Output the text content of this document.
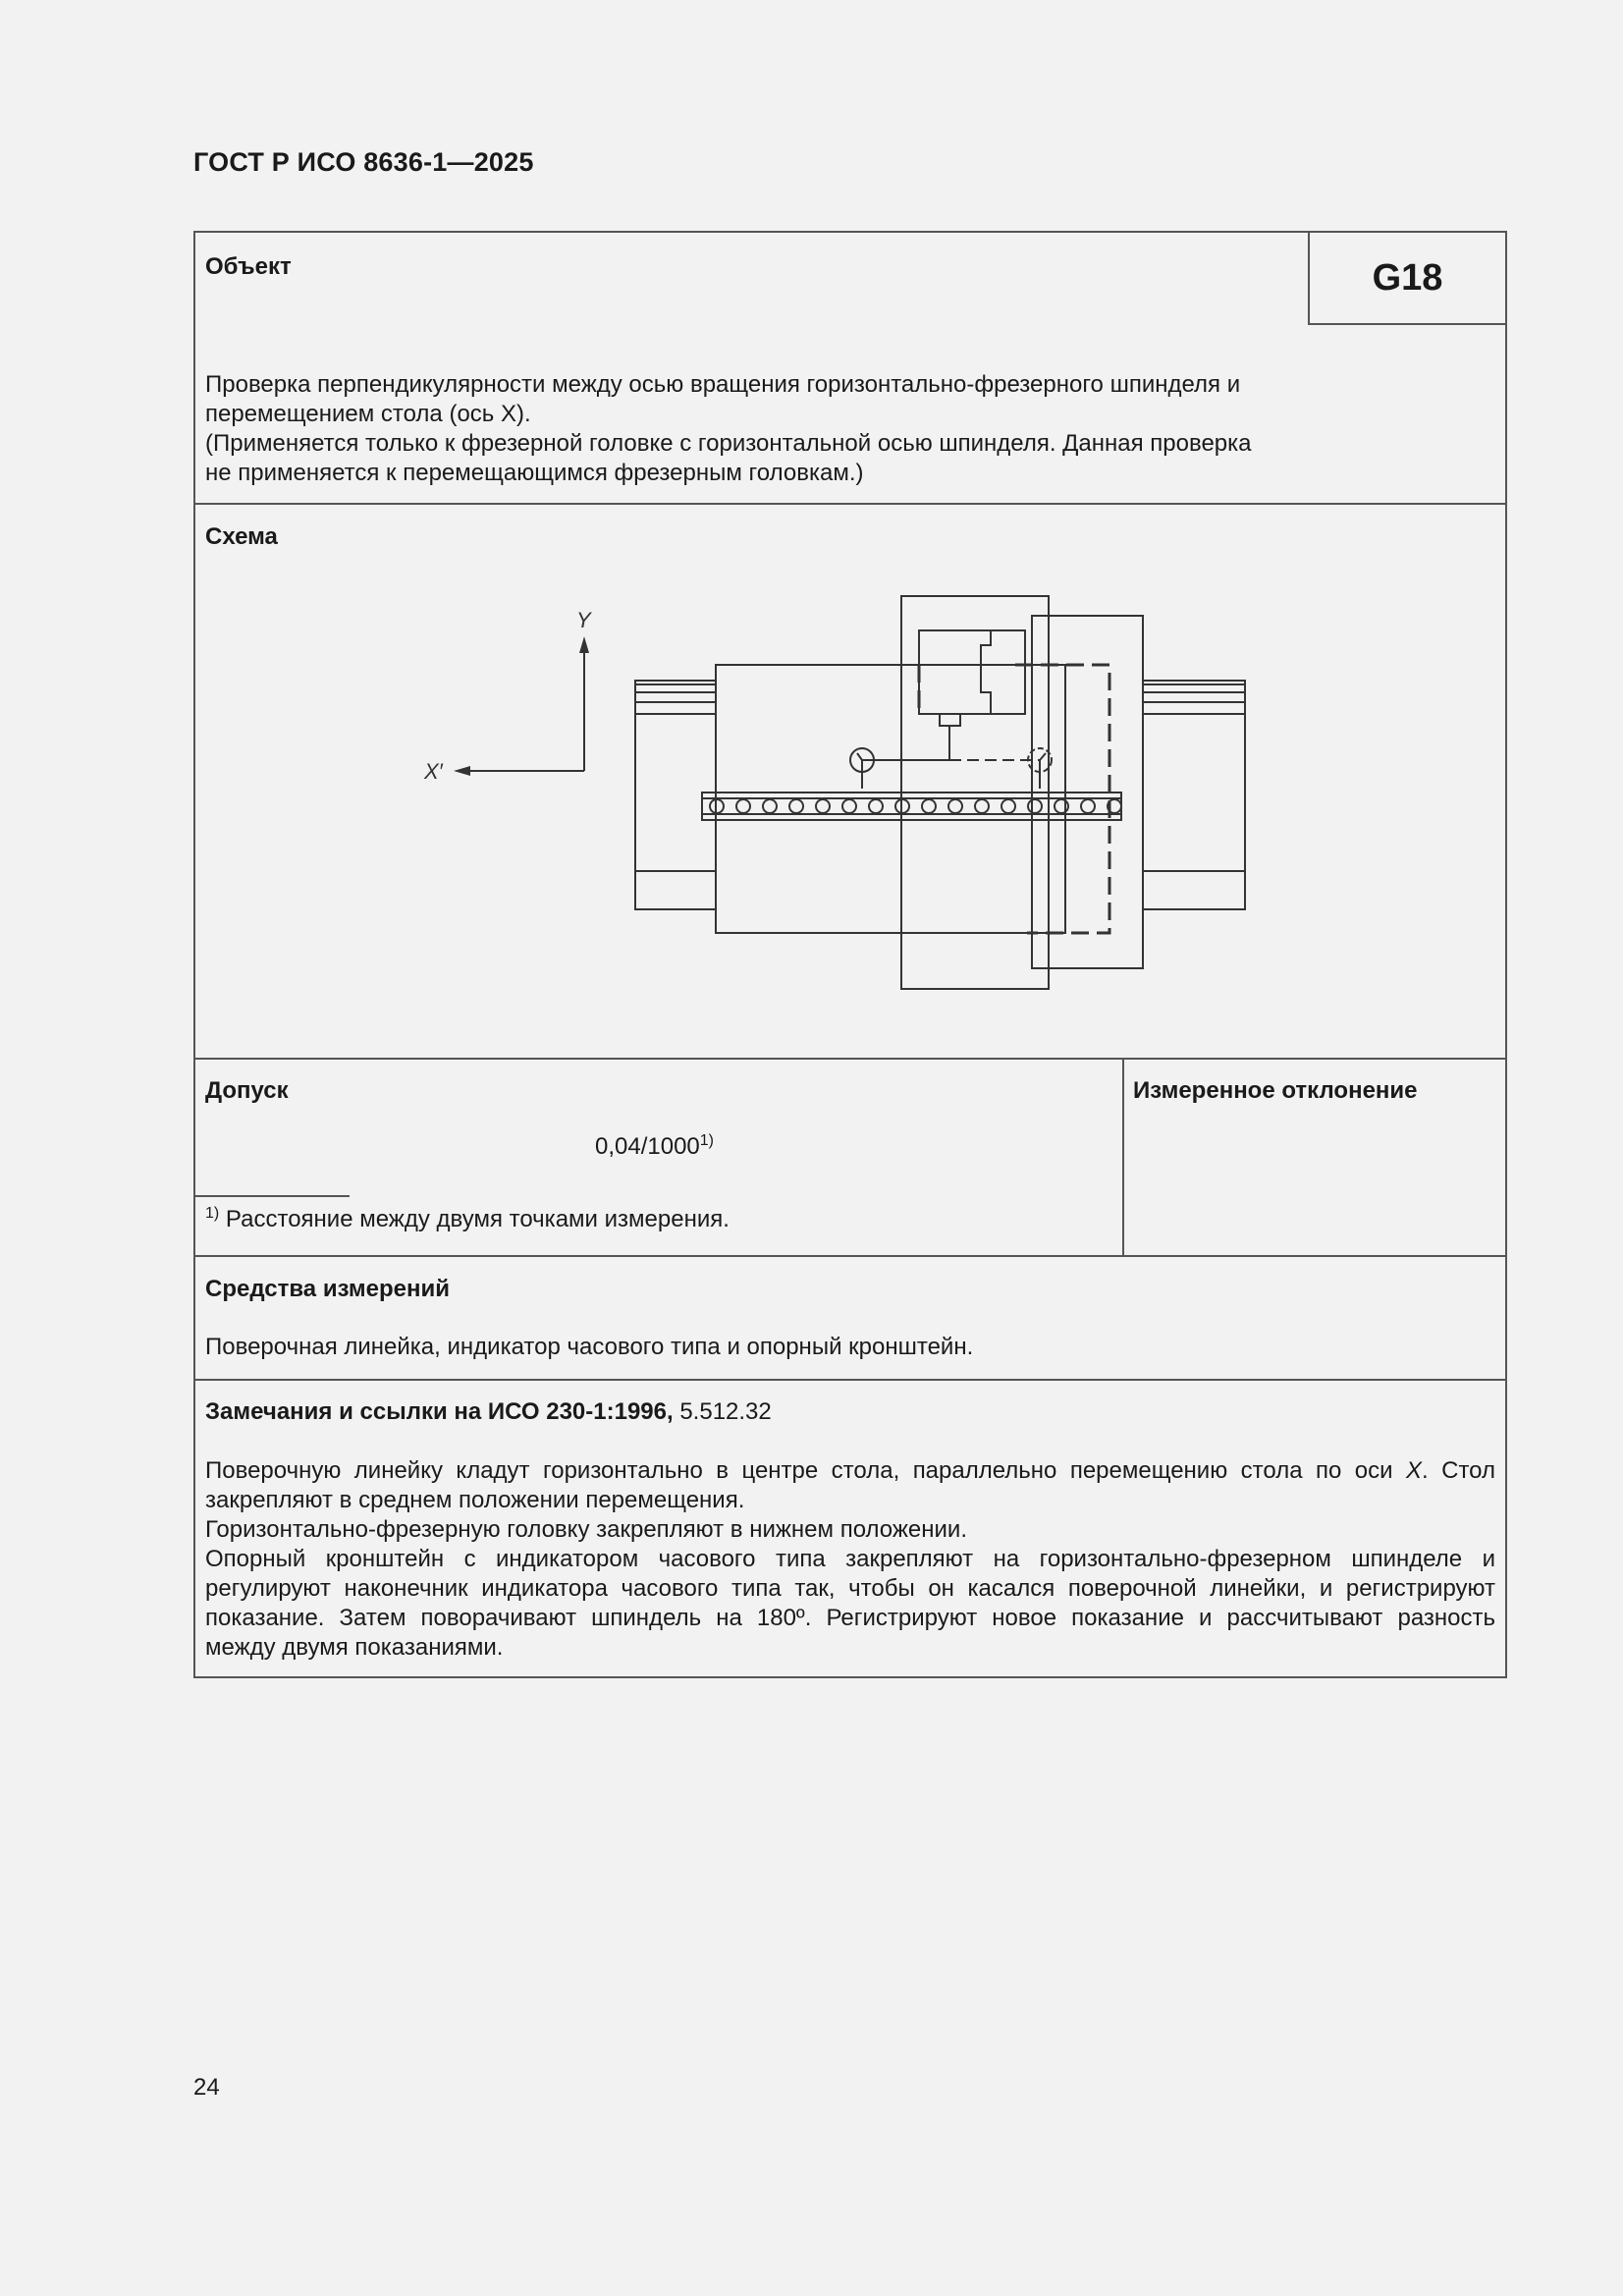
ГОСТ Р ИСО 8636-1—2025
Объект	G18
Проверка перпендикулярности между осью вращения горизонтально-фрезерного шпинделя и
перемещением стола (ось X).
(Применяется только к фрезерной головке с горизонтальной осью шпинделя. Данная проверка
не применяется к перемещающимся фрезерным головкам.)
Схема
Y
X′
Допуск
0,04/1000$^{1)}$
$^{1)}$ Расстояние между двумя точками измерения.
Измеренное отклонение
Средства измерений
Поверочная линейка, индикатор часового типа и опорный кронштейн.
Замечания и ссылки на ИСО 230-1:1996, 5.512.32
Поверочную линейку кладут горизонтально в центре стола, параллельно перемещению стола по оси X. Стол
закрепляют в среднем положении перемещения.
Горизонтально-фрезерную головку закрепляют в нижнем положении.
Опорный кронштейн с индикатором часового типа закрепляют на горизонтально-фрезерном шпинделе и
регулируют наконечник индикатора часового типа так, чтобы он касался поверочной линейки, и регистрируют
показание. Затем поворачивают шпиндель на 180º. Регистрируют новое показание и рассчитывают разность
между двумя показаниями.
24
